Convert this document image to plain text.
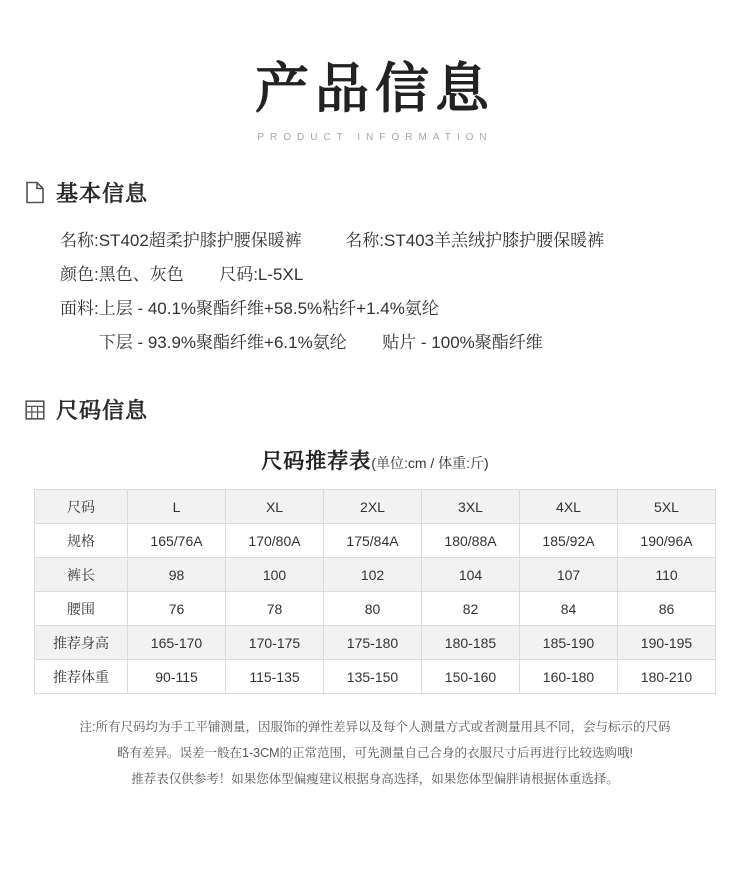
产品信息
PRODUCT INFORMATION
基本信息
名称:ST402超柔护膝护腰保暖裤	名称:ST403羊羔绒护膝护腰保暖裤
颜色:黑色、灰色 尺码:L-5XL
面料:上层 - 40.1%聚酯纤维+58.5%粘纤+1.4%氨纶
下层 - 93.9%聚酯纤维+6.1%氨纶 贴片 - 100%聚酯纤维
尺码信息
尺码推荐表(单位:cm / 体重:斤)
尺码	L	XL	2XL	3XL	4XL	5XL
规格	165/76A	170/80A	175/84A	180/88A	185/92A	190/96A
裤长	98	100	102	104	107	110
腰围	76	78	80	82	84	86
推荐身高	165-170	170-175	175-180	180-185	185-190	190-195
推荐体重	90-115	115-135	135-150	150-160	160-180	180-210
注:所有尺码均为手工平铺测量，因服饰的弹性差异以及每个人测量方式或者测量用具不同，会与标示的尺码
略有差异。误差一般在1-3CM的正常范围，可先测量自己合身的衣服尺寸后再进行比较选购哦!
推荐表仅供参考！如果您体型偏瘦建议根据身高选择，如果您体型偏胖请根据体重选择。
